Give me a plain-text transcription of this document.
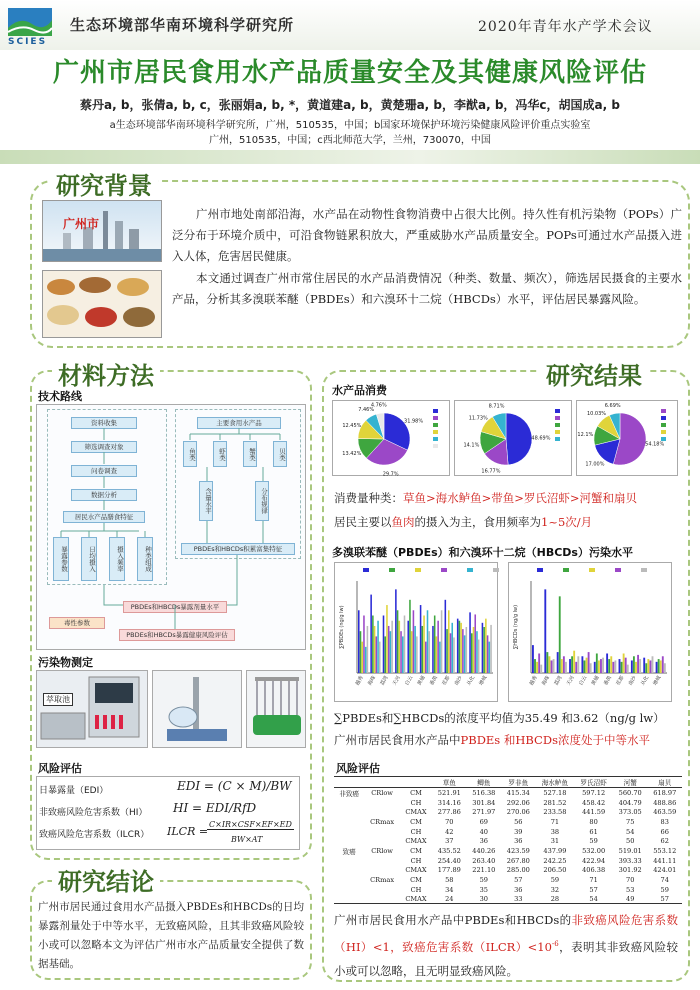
SCIES
生态环境部华南环境科学研究所	2020年青年水产学术会议
广州市居民食用水产品质量安全及其健康风险评估
蔡丹a, b，张倩a, b, c，张丽娟a, b, *，黄道建a, b，黄楚珊a, b，李猷a, b，冯华c，胡国成a, b
a生态环境部华南环境科学研究所，广州，510535，中国；b国家环境保护环境污染健康风险评价重点实验室
广州，510535，中国；c西北师范大学，兰州，730070，中国
研究背景
广州市
广州市地处南部沿海，水产品在动物性食物消费中占很大比例。持久性有机污染物（POPs）广泛分布于环境介质中，可沿食物链累积放大，严重威胁水产品质量安全。POPs可通过水产品摄入进入人体，危害居民健康。
本文通过调查广州市常住居民的水产品消费情况（种类、数量、频次），筛选居民摄食的主要水产品，分析其多溴联苯醚（PBDEs）和六溴环十二烷（HBCDs）水平，评估居民暴露风险。
材料方法
技术路线
资料收集
筛选调查对象
问卷调查
数据分析
居民水产品膳食特征
暴露参数	日均摄入	摄入频率	种类组成
主要食用水产品
鱼类	虾类	蟹类	贝类
含量水平	分布规律
PBDEs和HBCDs积累富集特征
PBDEs和HBCDs暴露剂量水平
毒性参数
PBDEs和HBCDs暴露健康风险评估
污染物测定
萃取池
风险评估
日暴露量（EDI）	EDI = (C × M)/BW
非致癌风险危害系数（HI） HI = EDI/RfD
致癌风险危害系数（ILCR） ILCR =
C×IR×CSF×EF×ED
BW×AT
研究结论
广州市居民通过食用水产品摄入PBDEs和HBCDs的日均暴露剂量处于中等水平，无致癌风险，且其非致癌风险较小或可以忽略本文为评估广州市水产品质量安全提供了数据基础。
研究结果
水产品消费
31.98%
29.7%
13.42%
12.45%
7.46%
4.76%
48.69%
16.77%
14.1%
11.73%
8.71%
54.18%
17.00%
12.1%
10.03%
6.69%
消费量种类：草鱼>海水鲈鱼>带鱼>罗氏沼虾>河蟹和扇贝
居民主要以鱼肉的摄入为主，食用频率为1~5次/月
多溴联苯醚（PBDEs）和六溴环十二烷（HBCDs）污染水平
∑PBDEs (ng/g lw)
越秀 海珠 荔湾 天河 白云 黄埔 番禺 花都 南沙 从化 增城
∑HBCDs (ng/g lw)
越秀 海珠 荔湾 天河 白云 黄埔 番禺 花都 南沙 从化 增城
∑PBDEs和∑HBCDs的浓度平均值为35.49 和3.62（ng/g lw）
广州市居民食用水产品中PBDEs 和HBCDs浓度处于中等水平
风险评估
			草鱼	鲫鱼	罗非鱼	海水鲈鱼	罗氏沼虾	河蟹	扇贝
非致癌	CRlow	CM	521.91	516.38	415.34	527.18	597.12	560.70	618.97
		CH	314.16	301.84	292.06	281.52	458.42	404.79	488.86
		CMAX	277.86	271.97	270.06	233.58	441.59	373.05	463.59
	CRmax	CM	70	69	56	71	80	75	83
		CH	42	40	39	38	61	54	66
		CMAX	37	36	36	31	59	50	62
致癌	CRlow	CM	435.52	440.26	423.59	437.99	532.00	519.01	553.12
		CH	254.40	263.40	267.80	242.25	422.94	393.33	441.11
		CMAX	177.89	221.10	285.00	206.50	406.38	301.92	424.01
	CRmax	CM	58	59	57	59	71	70	74
		CH	34	35	36	32	57	53	59
		CMAX	24	30	33	28	54	49	57
广州市居民食用水产品中PBDEs和HBCDs的非致癌风险危害系数（HI）<1，致癌危害系数$(ILCR)<10^{-6}$，表明其非致癌风险较小或可以忽略，且无明显致癌风险。
